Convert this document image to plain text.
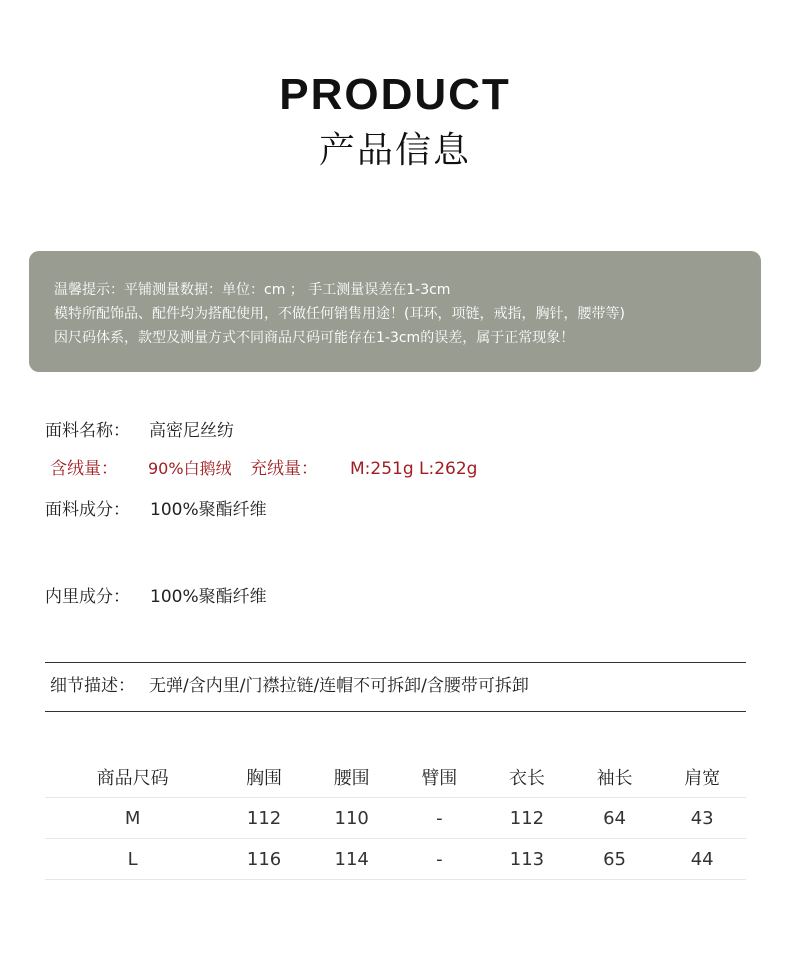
PRODUCT
产品信息
温馨提示：平铺测量数据：单位：cm ； 手工测量误差在1-3cm
模特所配饰品、配件均为搭配使用，不做任何销售用途！(耳环，项链，戒指，胸针，腰带等)
因尺码体系，款型及测量方式不同商品尺码可能存在1-3cm的误差，属于正常现象！
面料名称： 高密尼丝纺
含绒量： 90%白鹅绒 充绒量： M:251g L:262g
面料成分： 100%聚酯纤维
内里成分： 100%聚酯纤维
细节描述： 无弹/含内里/门襟拉链/连帽不可拆卸/含腰带可拆卸
商品尺码	胸围	腰围	臂围	衣长	袖长	肩宽
M	112	110	-	112	64	43
L	116	114	-	113	65	44
